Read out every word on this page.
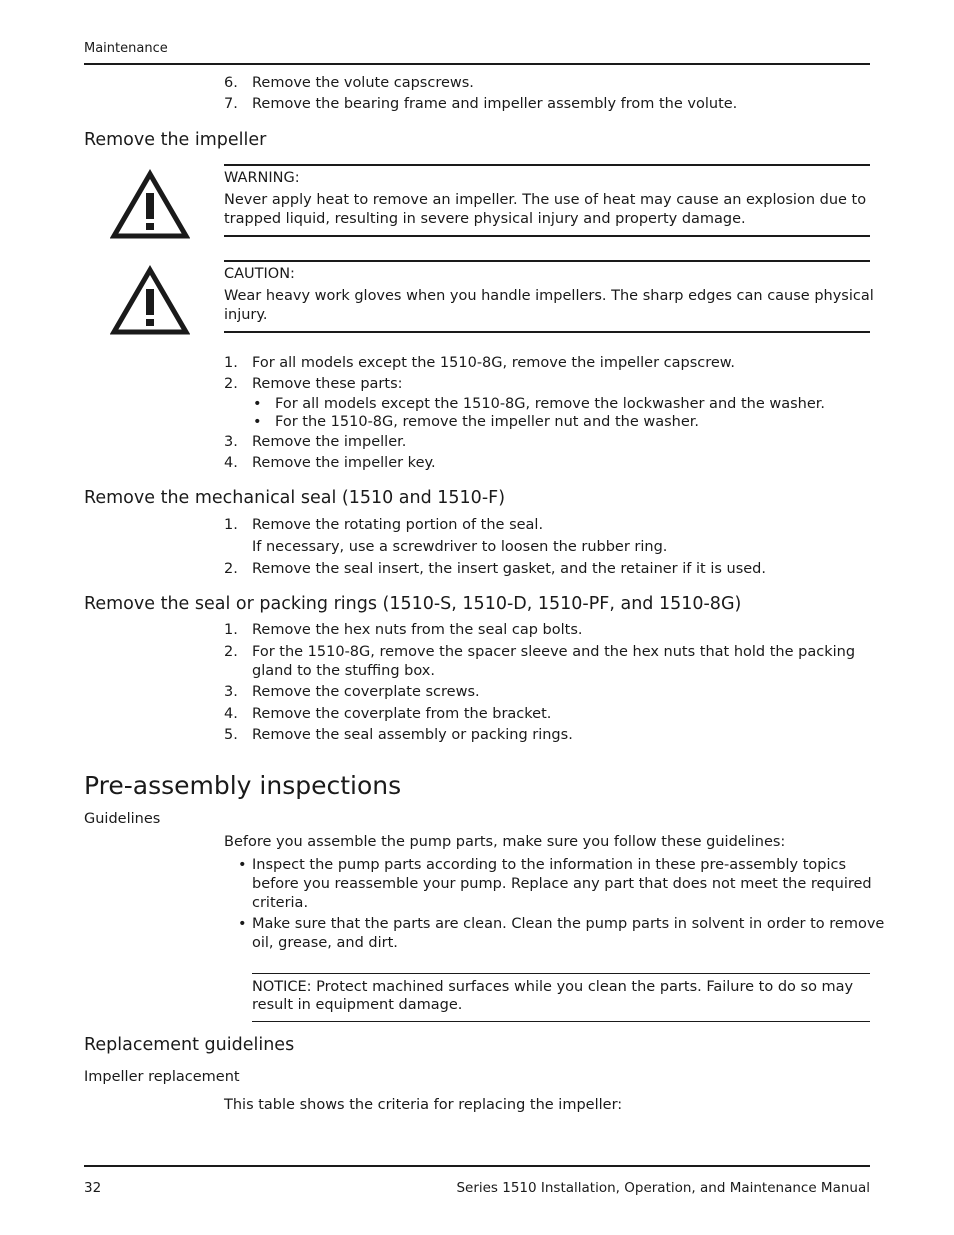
Maintenance
6. Remove the volute capscrews.
7. Remove the bearing frame and impeller assembly from the volute.
Remove the impeller
WARNING:
Never apply heat to remove an impeller. The use of heat may cause an explosion due to
trapped liquid, resulting in severe physical injury and property damage.
CAUTION:
Wear heavy work gloves when you handle impellers. The sharp edges can cause physical
injury.
1. For all models except the 1510-8G, remove the impeller capscrew.
2. Remove these parts:
• For all models except the 1510-8G, remove the lockwasher and the washer.
• For the 1510-8G, remove the impeller nut and the washer.
3. Remove the impeller.
4. Remove the impeller key.
Remove the mechanical seal (1510 and 1510-F)
1. Remove the rotating portion of the seal.
If necessary, use a screwdriver to loosen the rubber ring.
2. Remove the seal insert, the insert gasket, and the retainer if it is used.
Remove the seal or packing rings (1510-S, 1510-D, 1510-PF, and 1510-8G)
1. Remove the hex nuts from the seal cap bolts.
2. For the 1510-8G, remove the spacer sleeve and the hex nuts that hold the packing
gland to the stuffing box.
3. Remove the coverplate screws.
4. Remove the coverplate from the bracket.
5. Remove the seal assembly or packing rings.
Pre-assembly inspections
Guidelines
Before you assemble the pump parts, make sure you follow these guidelines:
• Inspect the pump parts according to the information in these pre-assembly topics
before you reassemble your pump. Replace any part that does not meet the required
criteria.
• Make sure that the parts are clean. Clean the pump parts in solvent in order to remove
oil, grease, and dirt.
NOTICE: Protect machined surfaces while you clean the parts. Failure to do so may
result in equipment damage.
Replacement guidelines
Impeller replacement
This table shows the criteria for replacing the impeller:
32	Series 1510 Installation, Operation, and Maintenance Manual
